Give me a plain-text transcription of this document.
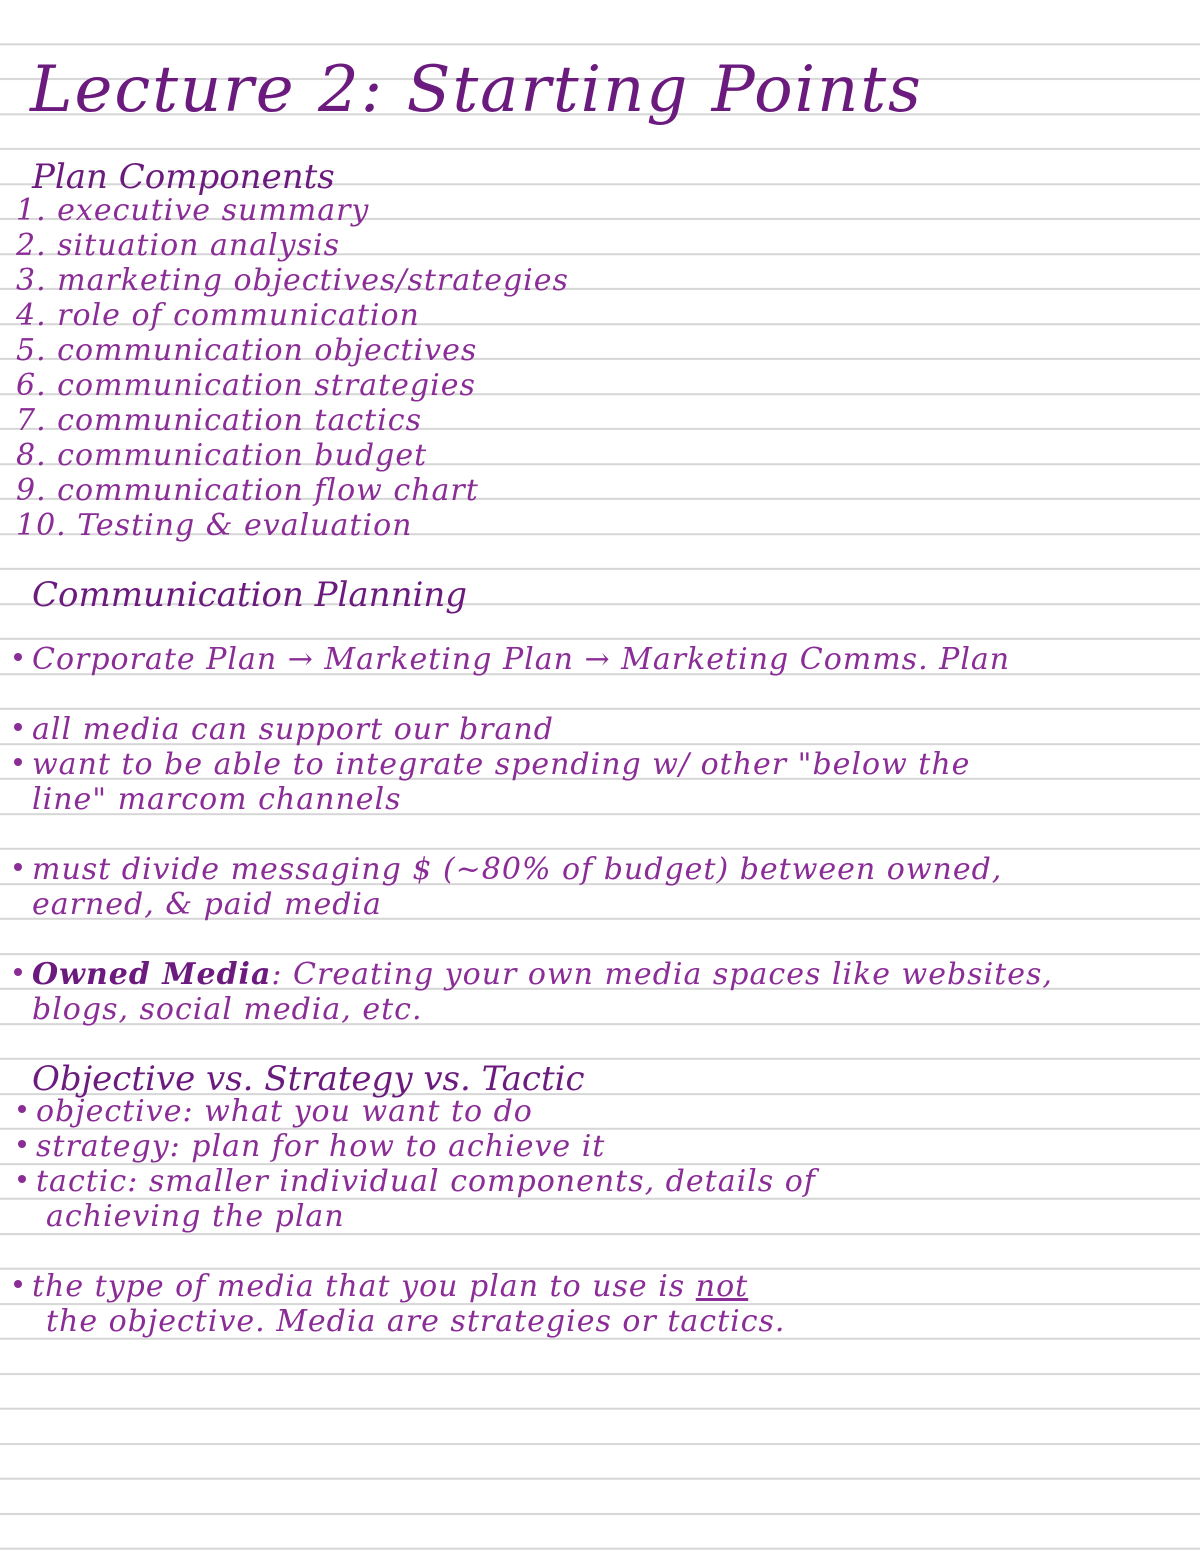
Lecture 2: Starting Points
Plan Components
1. executive summary
2. situation analysis
3. marketing objectives/strategies
4. role of communication
5. communication objectives
6. communication strategies
7. communication tactics
8. communication budget
9. communication flow chart
10. Testing & evaluation
Communication Planning
Corporate Plan → Marketing Plan → Marketing Comms. Plan
all media can support our brand
want to be able to integrate spending w/ other "below the
line" marcom channels
must divide messaging $ (~80% of budget) between owned,
earned, & paid media
Owned Media: Creating your own media spaces like websites,
blogs, social media, etc.
Objective vs. Strategy vs. Tactic
objective: what you want to do
strategy: plan for how to achieve it
tactic: smaller individual components, details of
achieving the plan
the type of media that you plan to use is not
the objective. Media are strategies or tactics.
